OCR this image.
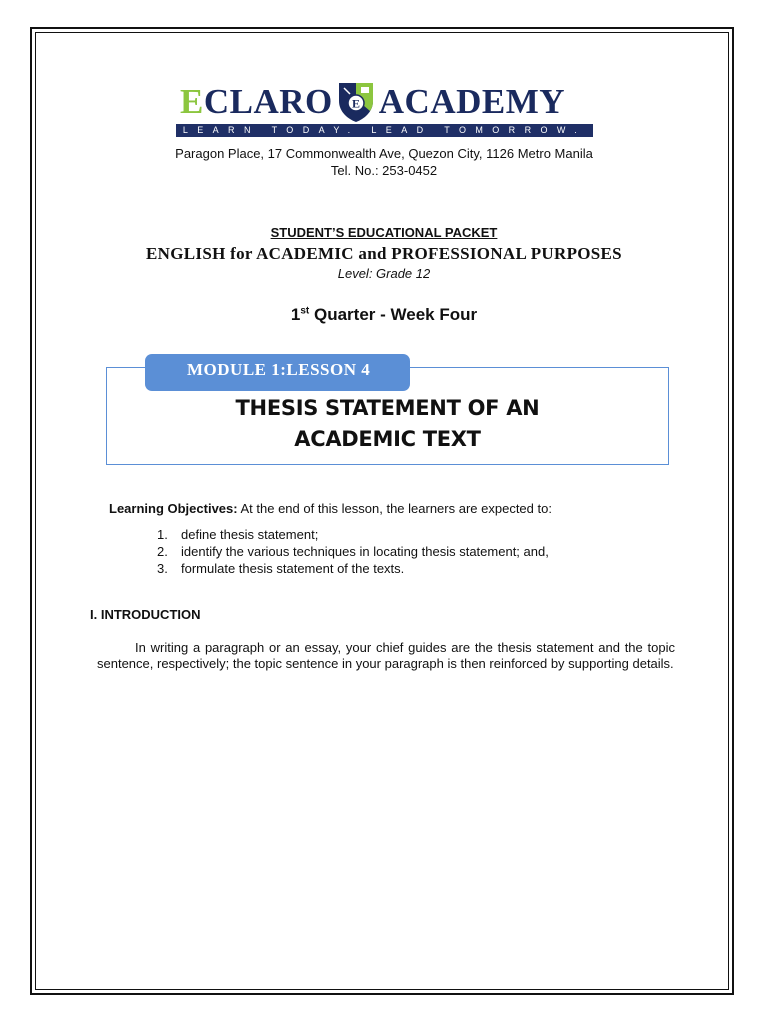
ECLARO E ACADEMY
LEARN TODAY. LEAD TOMORROW.
Paragon Place, 17 Commonwealth Ave, Quezon City, 1126 Metro Manila
Tel. No.: 253-0452
STUDENT’S EDUCATIONAL PACKET
ENGLISH for ACADEMIC and PROFESSIONAL PURPOSES
Level: Grade 12
1st Quarter - Week Four
MODULE 1:LESSON 4
THESIS STATEMENT OF AN
ACADEMIC TEXT
Learning Objectives: At the end of this lesson, the learners are expected to:
1.	define thesis statement;
2.	identify the various techniques in locating thesis statement; and,
3.	formulate thesis statement of the texts.
I. INTRODUCTION

In writing a paragraph or an essay, your chief guides are the thesis statement and the topic sentence, respectively; the topic sentence in your paragraph is then reinforced by supporting details.
